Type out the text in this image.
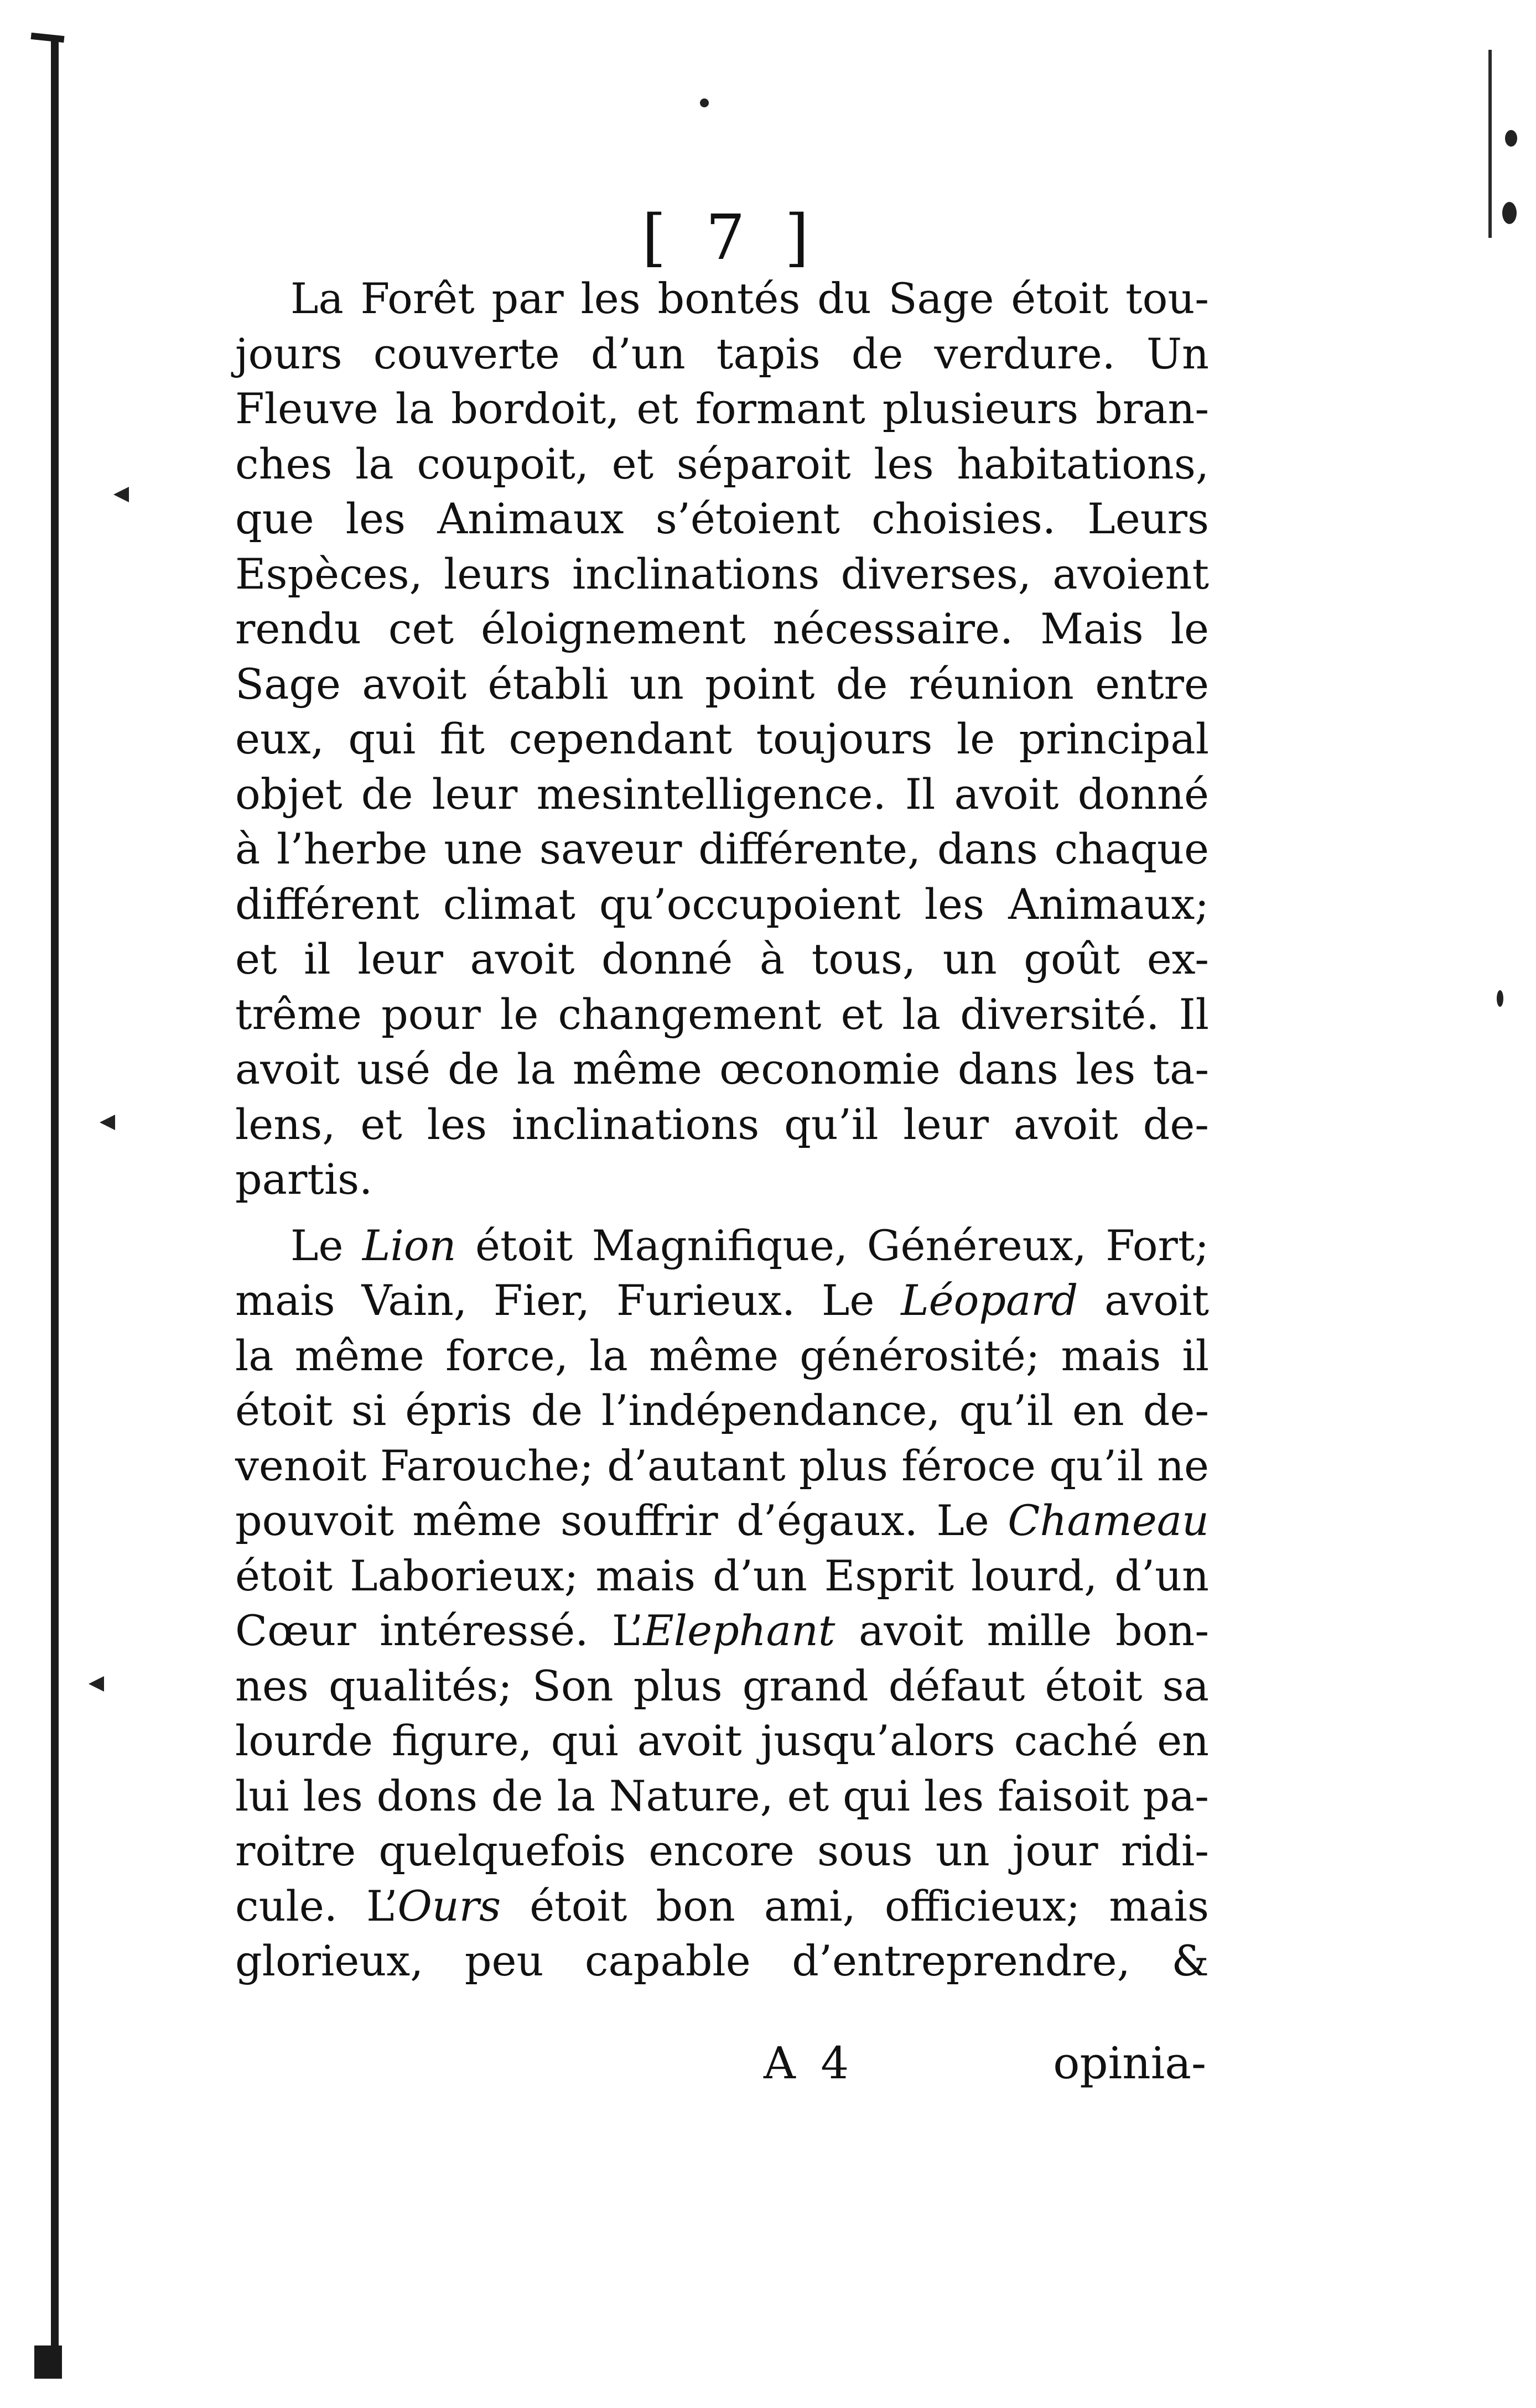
[ 7 ]
La Forêt par les bontés du Sage étoit tou-
jours couverte d’un tapis de verdure. Un
Fleuve la bordoit, et formant plusieurs bran-
ches la coupoit, et séparoit les habitations,
que les Animaux s’étoient choisies. Leurs
Espèces, leurs inclinations diverses, avoient
rendu cet éloignement nécessaire. Mais le
Sage avoit établi un point de réunion entre
eux, qui fit cependant toujours le principal
objet de leur mesintelligence. Il avoit donné
à l’herbe une saveur différente, dans chaque
différent climat qu’occupoient les Animaux;
et il leur avoit donné à tous, un goût ex-
trême pour le changement et la diversité. Il
avoit usé de la même œconomie dans les ta-
lens, et les inclinations qu’il leur avoit de-
partis.
Le Lion étoit Magnifique, Généreux, Fort;
mais Vain, Fier, Furieux. Le Léopard avoit
la même force, la même générosité; mais il
étoit si épris de l’indépendance, qu’il en de-
venoit Farouche; d’autant plus féroce qu’il ne
pouvoit même souffrir d’égaux. Le Chameau
étoit Laborieux; mais d’un Esprit lourd, d’un
Cœur intéressé. L’Elephant avoit mille bon-
nes qualités; Son plus grand défaut étoit sa
lourde figure, qui avoit jusqu’alors caché en
lui les dons de la Nature, et qui les faisoit pa-
roitre quelquefois encore sous un jour ridi-
cule. L’Ours étoit bon ami, officieux; mais
glorieux, peu capable d’entreprendre, &
A 4	opinia-
